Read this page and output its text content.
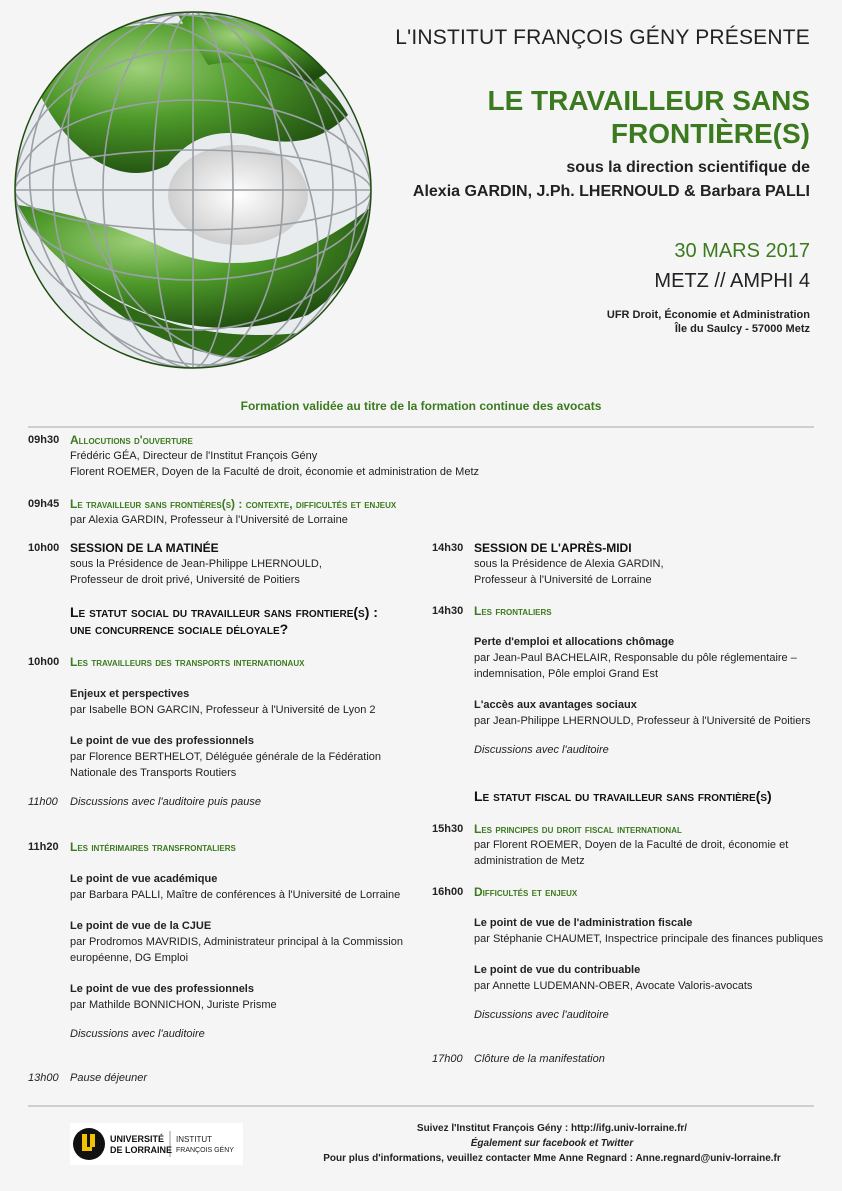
L'INSTITUT FRANÇOIS GÉNY PRÉSENTE
LE TRAVAILLEUR SANS
FRONTIÈRE(S)
sous la direction scientifique de
Alexia GARDIN, J.Ph. LHERNOULD & Barbara PALLI
30 MARS 2017
METZ // AMPHI 4
UFR Droit, Économie et Administration
Île du Saulcy - 57000 Metz
Formation validée au titre de la formation continue des avocats
09h30 Allocutions d'ouverture
Frédéric GÉA, Directeur de l'Institut François Gény
Florent ROEMER, Doyen de la Faculté de droit, économie et administration de Metz
09h45 Le travailleur sans frontières(s) : contexte, difficultés et enjeux
par Alexia GARDIN, Professeur à l'Université de Lorraine
10h00 SESSION DE LA MATINÉE
sous la Présidence de Jean-Philippe LHERNOULD,
Professeur de droit privé, Université de Poitiers
Le statut social du travailleur sans frontiere(s) :
une concurrence sociale déloyale?
10h00 Les travailleurs des transports internationaux
Enjeux et perspectives
par Isabelle BON GARCIN, Professeur à l'Université de Lyon 2
Le point de vue des professionnels
par Florence BERTHELOT, Déléguée générale de la Fédération
Nationale des Transports Routiers
11h00 Discussions avec l'auditoire puis pause
11h20 Les intérimaires transfrontaliers
Le point de vue académique
par Barbara PALLI, Maître de conférences à l'Université de Lorraine
Le point de vue de la CJUE
par Prodromos MAVRIDIS, Administrateur principal à la Commission
européenne, DG Emploi
Le point de vue des professionnels
par Mathilde BONNICHON, Juriste Prisme
Discussions avec l'auditoire
13h00 Pause déjeuner
14h30 SESSION DE L'APRÈS-MIDI
sous la Présidence de Alexia GARDIN,
Professeur à l'Université de Lorraine
14h30 Les frontaliers
Perte d'emploi et allocations chômage
par Jean-Paul BACHELAIR, Responsable du pôle réglementaire –
indemnisation, Pôle emploi Grand Est
L'accès aux avantages sociaux
par Jean-Philippe LHERNOULD, Professeur à l'Université de Poitiers
Discussions avec l'auditoire
Le statut fiscal du travailleur sans frontière(s)
15h30 Les principes du droit fiscal international
par Florent ROEMER, Doyen de la Faculté de droit, économie et
administration de Metz
16h00 Difficultés et enjeux
Le point de vue de l'administration fiscale
par Stéphanie CHAUMET, Inspectrice principale des finances publiques
Le point de vue du contribuable
par Annette LUDEMANN-OBER, Avocate Valoris-avocats
Discussions avec l'auditoire
17h00 Clôture de la manifestation
UNIVERSITÉ
DE LORRAINE
INSTITUT
FRANÇOIS GÉNY
Suivez l'Institut François Gény : http://ifg.univ-lorraine.fr/
Également sur facebook et Twitter
Pour plus d'informations, veuillez contacter Mme Anne Regnard : Anne.regnard@univ-lorraine.fr
